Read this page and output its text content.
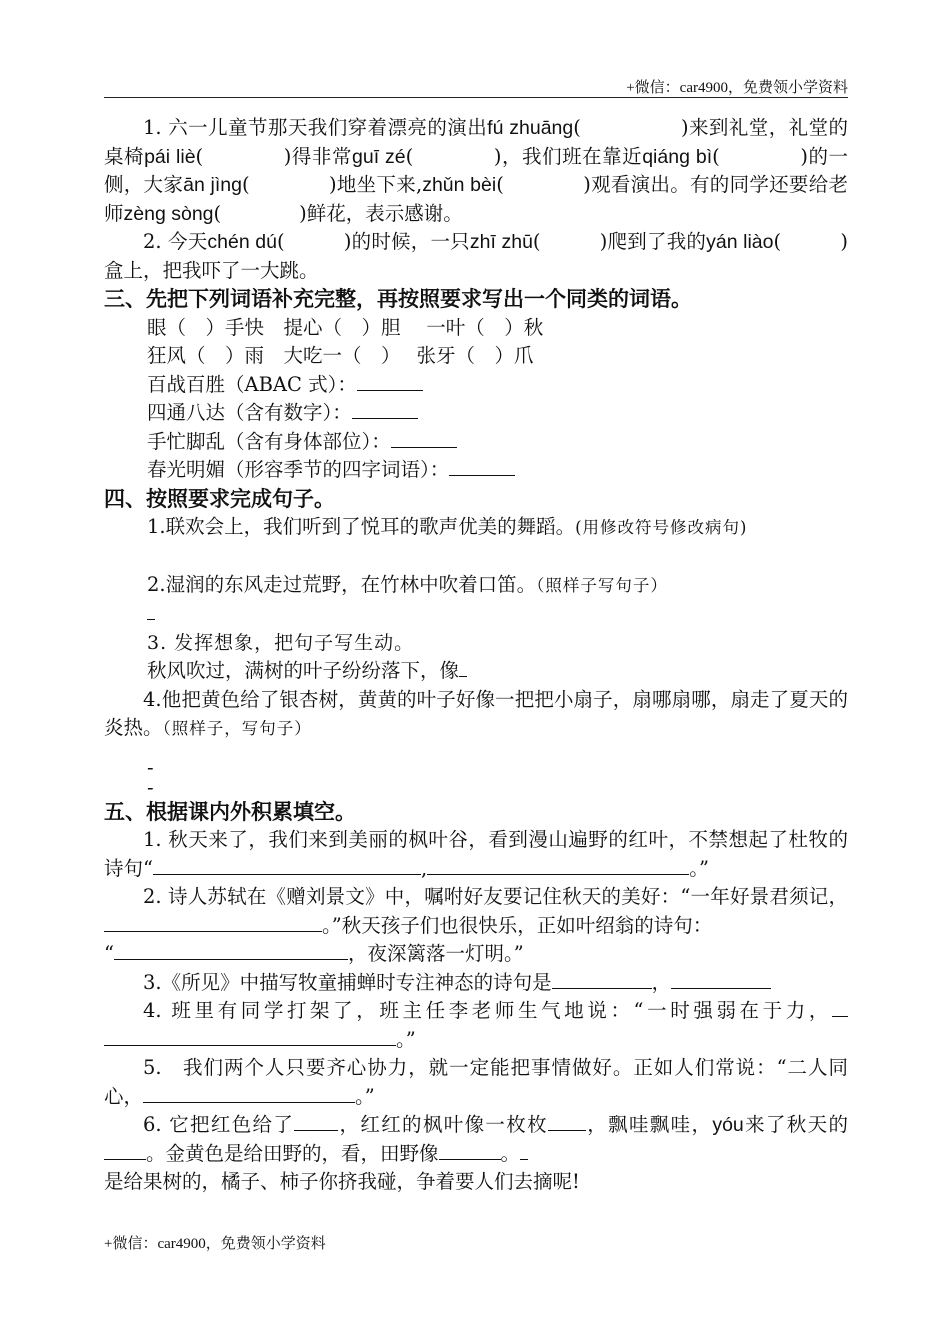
+微信：car4900，免费领小学资料
1. 六一儿童节那天我们穿着漂亮的演出fú zhuāng(　　　　　)来到礼堂，礼堂的桌椅pái liè(　　　　)得非常guī zé(　　　　)，我们班在靠近qiáng bì(　　　　)的一侧，大家ān jìng(　　　　)地坐下来,zhǔn bèi(　　　　)观看演出。有的同学还要给老师zèng sòng(　　　　)鲜花，表示感谢。
2. 今天chén dú(　　　)的时候，一只zhī zhū(　　　)爬到了我的yán liào(　　　)盒上，把我吓了一大跳。
三、先把下列词语补充完整，再按照要求写出一个同类的词语。
眼（　）手快　提心（　）胆　 一叶（　）秋
狂风（　）雨　大吃一（　）　 张牙（　）爪
百战百胜（ABAC 式）：
四通八达（含有数字）：
手忙脚乱（含有身体部位）：
春光明媚（形容季节的四字词语）：
四、按照要求完成句子。
1.联欢会上，我们听到了悦耳的歌声优美的舞蹈。(用修改符号修改病句)
2.湿润的东风走过荒野，在竹林中吹着口笛。（照样子写句子）
3. 发挥想象，把句子写生动。
秋风吹过，满树的叶子纷纷落下，像
4.他把黄色给了银杏树，黄黄的叶子好像一把把小扇子，扇哪扇哪，扇走了夏天的炎热。（照样子，写句子）
-
-
五、根据课内外积累填空。
1. 秋天来了，我们来到美丽的枫叶谷，看到漫山遍野的红叶，不禁想起了杜牧的诗句“	,	。”
2. 诗人苏轼在《赠刘景文》中，嘱咐好友要记住秋天的美好：“一年好景君须记，。”秋天孩子们也很快乐，正如叶绍翁的诗句：
“	，夜深篱落一灯明。”
3.《所见》中描写牧童捕蝉时专注神态的诗句是	，
4. 班里有同学打架了，班主任李老师生气地说：“一时强弱在于力，。”
5.　我们两个人只要齐心协力，就一定能把事情做好。正如人们常说：“二人同心，	。”
6. 它把红色给了 ，红红的枫叶像一枚枚 ，飘哇飘哇，yóu来了秋天的。金黄色是给田野的，看，田野像	。
是给果树的，橘子、柿子你挤我碰，争着要人们去摘呢!
+微信：car4900，免费领小学资料
